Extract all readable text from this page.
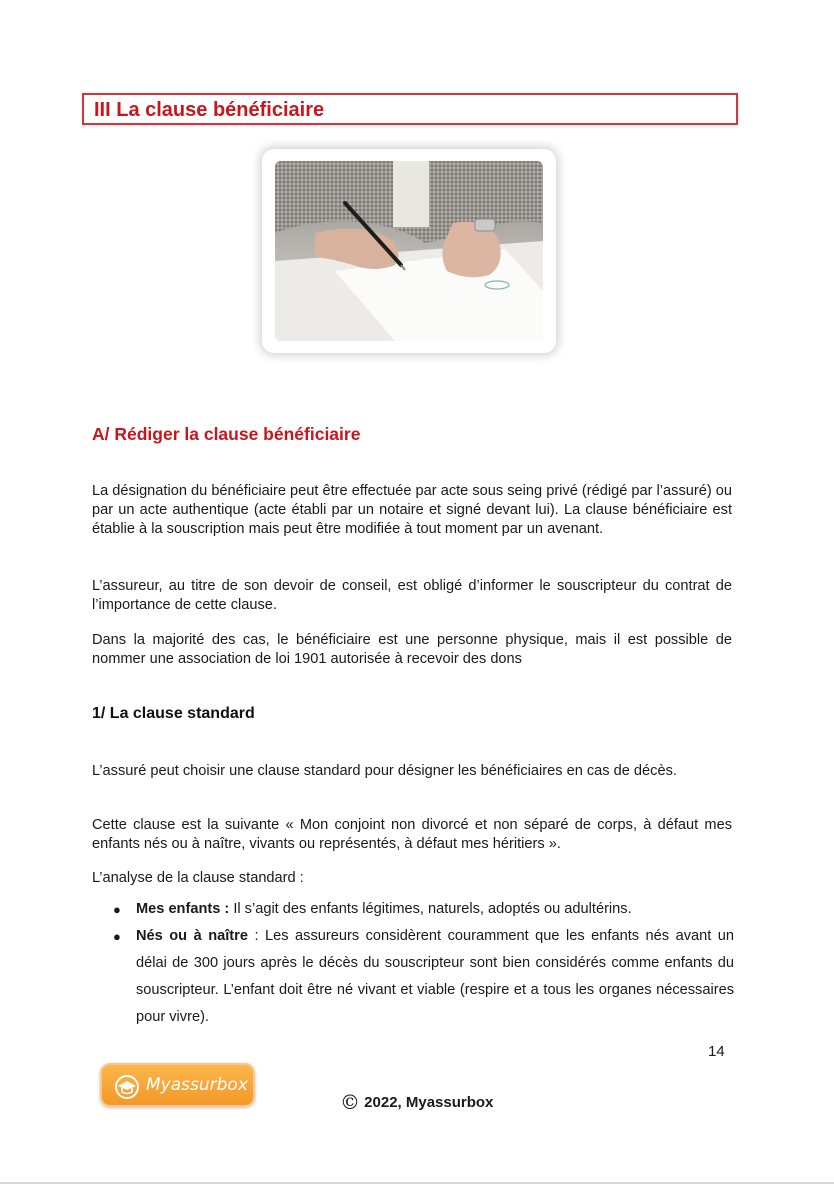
III La clause bénéficiaire
A/ Rédiger la clause bénéficiaire

La désignation du bénéficiaire peut être effectuée par acte sous seing privé (rédigé par l’assuré) ou par un acte authentique (acte établi par un notaire et signé devant lui). La clause bénéficiaire est établie à la souscription mais peut être modifiée à tout moment par un avenant.

L’assureur, au titre de son devoir de conseil, est obligé d’informer le souscripteur du contrat de l’importance de cette clause.

Dans la majorité des cas, le bénéficiaire est une personne physique, mais il est possible de nommer une association de loi 1901 autorisée à recevoir des dons

1/ La clause standard

L’assuré peut choisir une clause standard pour désigner les bénéficiaires en cas de décès.

Cette clause est la suivante « Mon conjoint non divorcé et non séparé de corps, à défaut mes enfants nés ou à naître, vivants ou représentés, à défaut mes héritiers ».

L’analyse de la clause standard :

● Mes enfants : Il s’agit des enfants légitimes, naturels, adoptés ou adultérins.
● Nés ou à naître : Les assureurs considèrent couramment que les enfants nés avant un délai de 300 jours après le décès du souscripteur sont bien considérés comme enfants du souscripteur. L’enfant doit être né vivant et viable (respire et a tous les organes nécessaires pour vivre).
14
Myassurbox
© 2022, Myassurbox
